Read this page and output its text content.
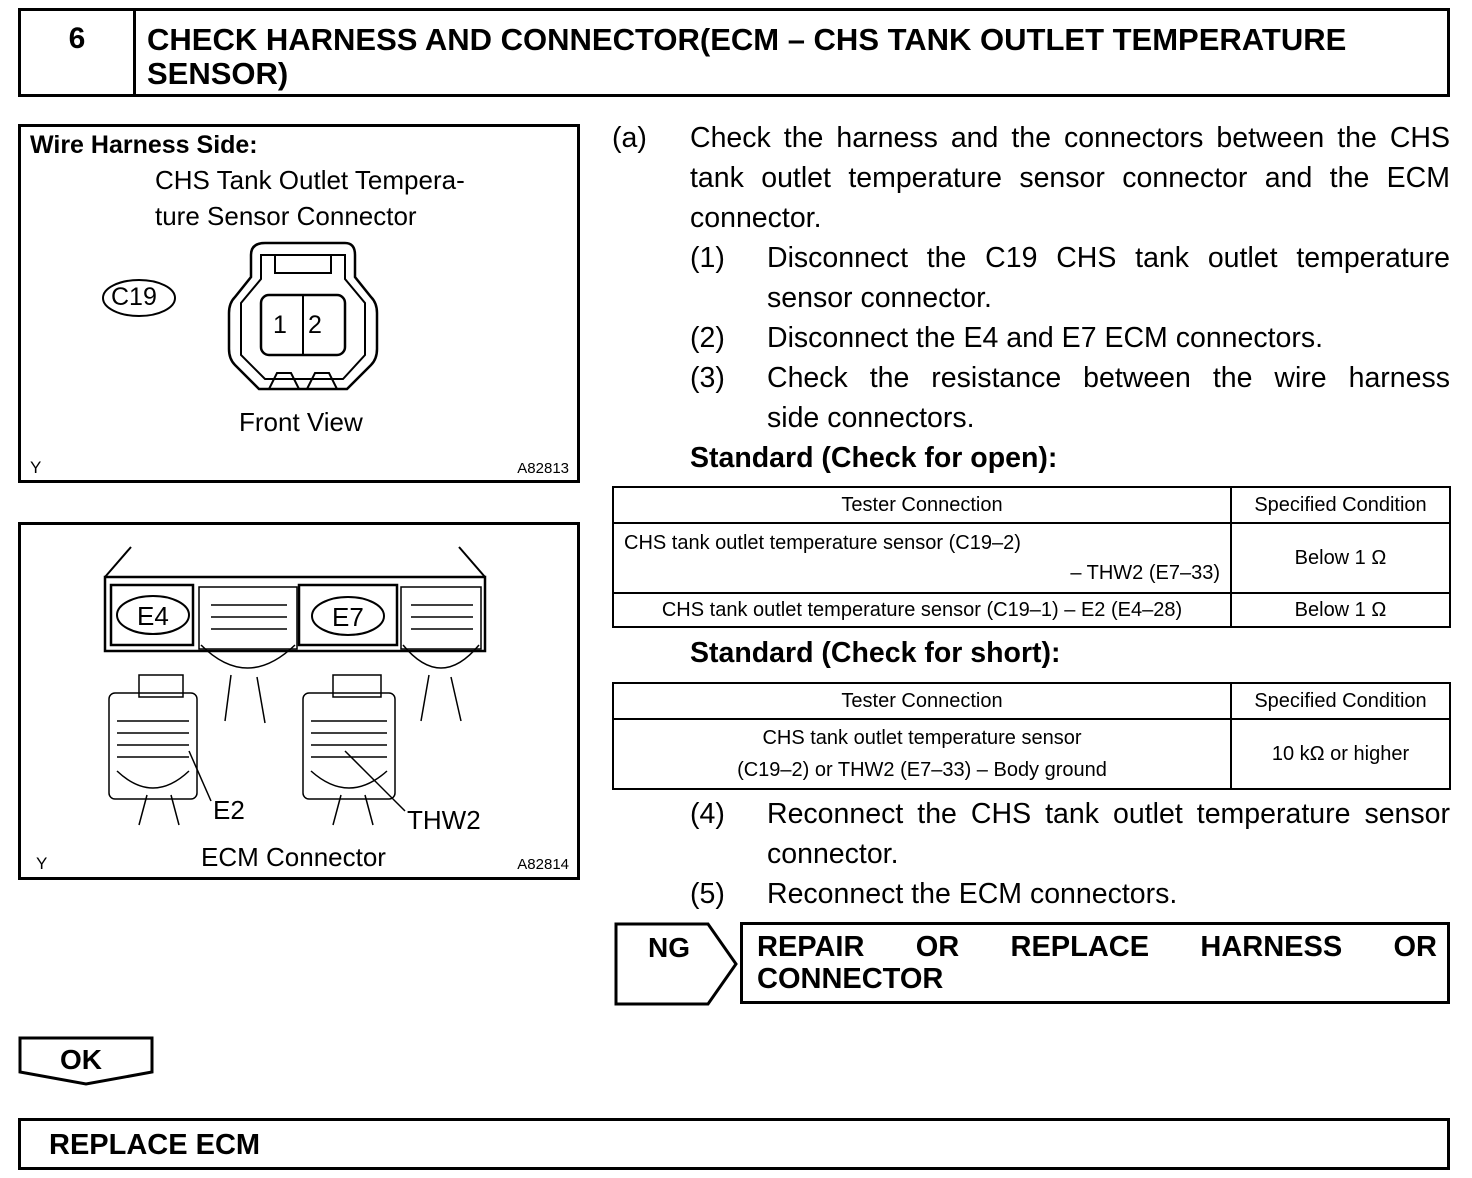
6	CHECK HARNESS AND CONNECTOR(ECM – CHS TANK OUTLET TEMPERATURE
SENSOR)
Wire Harness Side:
CHS Tank Outlet Tempera-
ture Sensor Connector
C19
1 2
Front View
Y	A82813
E4	E7
E2	THW2
ECM Connector
Y	A82814
(a) Check the harness and the connectors between the CHS
tank outlet temperature sensor connector and the ECM
connector.
(1) Disconnect the C19 CHS tank outlet temperature
sensor connector.
(2) Disconnect the E4 and E7 ECM connectors.
(3) Check the resistance between the wire harness
side connectors.
Standard (Check for open):
Tester Connection	Specified Condition

CHS tank outlet temperature sensor (C19–2)
– THW2 (E7–33)	Below 1 Ω
CHS tank outlet temperature sensor (C19–1) – E2 (E4–28)	Below 1 Ω
Standard (Check for short):
Tester Connection	Specified Condition

CHS tank outlet temperature sensor
(C19–2) or THW2 (E7–33) – Body ground	10 kΩ or higher
(4) Reconnect the CHS tank outlet temperature sensor
connector.
(5) Reconnect the ECM connectors.
NG REPAIR OR REPLACE HARNESS OR
CONNECTOR
OK
REPLACE ECM
